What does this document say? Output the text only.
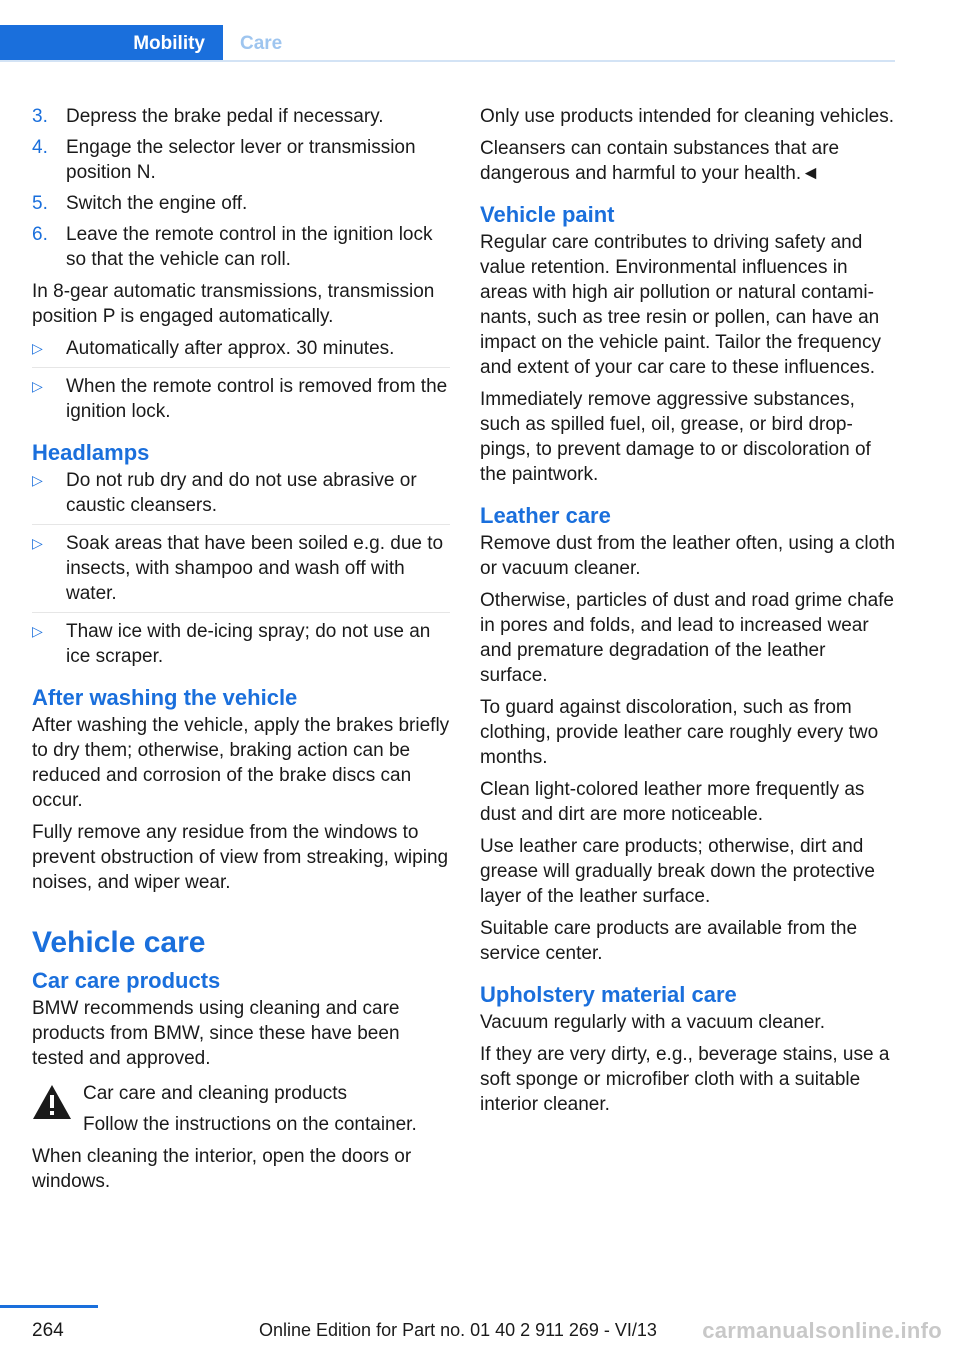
Mobility	Care
3. Depress the brake pedal if necessary.
4. Engage the selector lever or transmission position N.
5. Switch the engine off.
6. Leave the remote control in the ignition lock so that the vehicle can roll.

In 8-gear automatic transmissions, transmission position P is engaged automatically.

▷ Automatically after approx. 30 minutes.
▷ When the remote control is removed from the ignition lock.
Headlamps
▷ Do not rub dry and do not use abrasive or caustic cleansers.
▷ Soak areas that have been soiled e.g. due to insects, with shampoo and wash off with water.
▷ Thaw ice with de-icing spray; do not use an ice scraper.
After washing the vehicle

After washing the vehicle, apply the brakes briefly to dry them; otherwise, braking action can be reduced and corrosion of the brake discs can occur.

Fully remove any residue from the windows to prevent obstruction of view from streaking, wiping noises, and wiper wear.

Vehicle care
Car care products

BMW recommends using cleaning and care products from BMW, since these have been tested and approved.

Car care and cleaning products

Follow the instructions on the container.

When cleaning the interior, open the doors or windows.

Only use products intended for cleaning vehicles.

Cleansers can contain substances that are dangerous and harmful to your health.◄

Vehicle paint

Regular care contributes to driving safety and value retention. Environmental influences in areas with high air pollution or natural contaminants, such as tree resin or pollen, can have an impact on the vehicle paint. Tailor the frequency and extent of your car care to these influences.

Immediately remove aggressive substances, such as spilled fuel, oil, grease, or bird droppings, to prevent damage to or discoloration of the paintwork.

Leather care

Remove dust from the leather often, using a cloth or vacuum cleaner.

Otherwise, particles of dust and road grime chafe in pores and folds, and lead to increased wear and premature degradation of the leather surface.

To guard against discoloration, such as from clothing, provide leather care roughly every two months.

Clean light-colored leather more frequently as dust and dirt are more noticeable.

Use leather care products; otherwise, dirt and grease will gradually break down the protective layer of the leather surface.

Suitable care products are available from the service center.

Upholstery material care

Vacuum regularly with a vacuum cleaner.

If they are very dirty, e.g., beverage stains, use a soft sponge or microfiber cloth with a suitable interior cleaner.

264	Online Edition for Part no. 01 40 2 911 269 - VI/13 carmanualsonline.info
